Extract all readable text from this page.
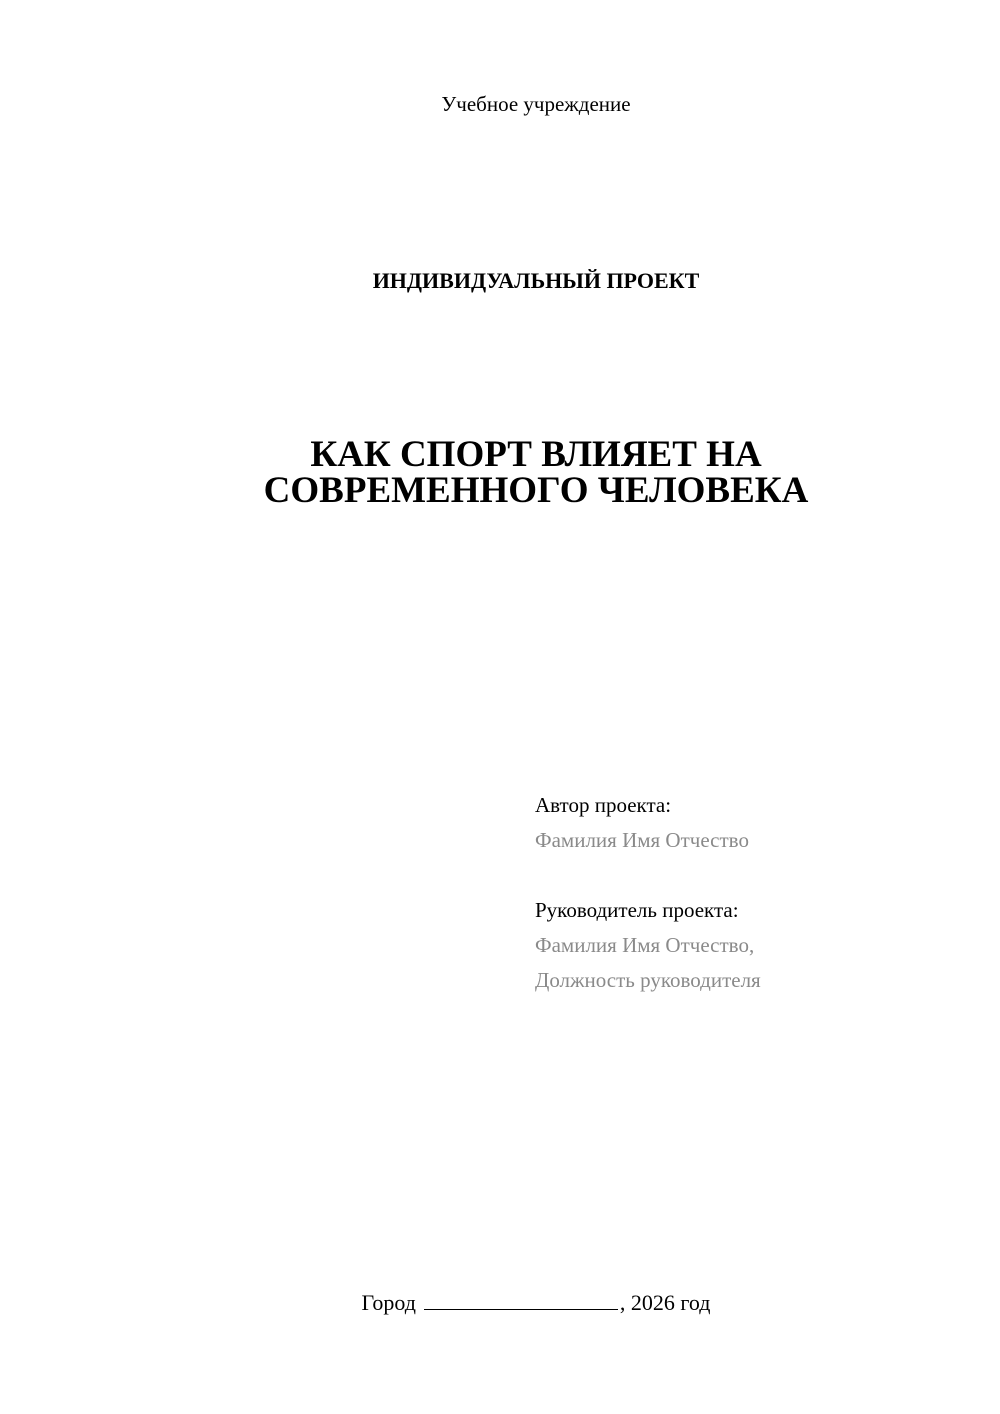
Учебное учреждение
ИНДИВИДУАЛЬНЫЙ ПРОЕКТ
КАК СПОРТ ВЛИЯЕТ НА
СОВРЕМЕННОГО ЧЕЛОВЕКА
Автор проекта:
Фамилия Имя Отчество
Руководитель проекта:
Фамилия Имя Отчество,
Должность руководителя
Город	, 2026 год
